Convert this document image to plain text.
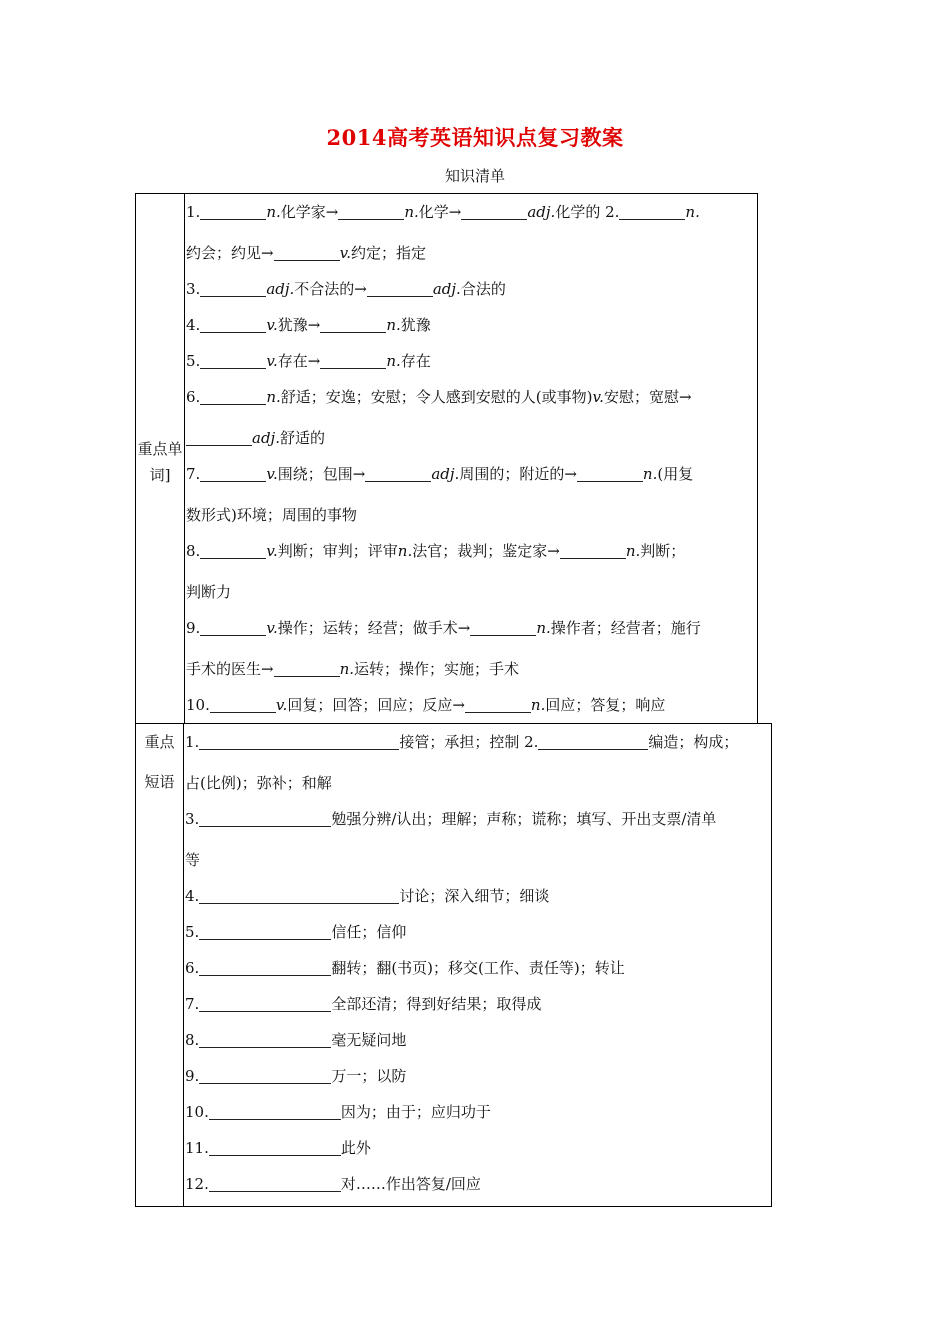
2014高考英语知识点复习教案
知识清单
重点单词]
1.	n.化学家→	n.化学→	adj.化学的 2.	n.
约会；约见→	v.约定；指定
3.	adj.不合法的→	adj.合法的
4.	v.犹豫→	n.犹豫
5.	v.存在→	n.存在
6.	n.舒适；安逸；安慰；令人感到安慰的人(或事物)v.安慰；宽慰→
adj.舒适的
7.	v.围绕；包围→	adj.周围的；附近的→	n.(用复
数形式)环境；周围的事物
8.	v.判断；审判；评审n.法官；裁判；鉴定家→	n.判断；
判断力
9.	v.操作；运转；经营；做手术→	n.操作者；经营者；施行
手术的医生→	n.运转；操作；实施；手术
10.	v.回复；回答；回应；反应→	n.回应；答复；响应
重点
短语
1.	接管；承担；控制 2.	编造；构成；
占(比例)；弥补；和解
3.	勉强分辨/认出；理解；声称；谎称；填写、开出支票/清单
等
4.	讨论；深入细节；细谈
5.	信任；信仰
6.	翻转；翻(书页)；移交(工作、责任等)；转让
7.	全部还清；得到好结果；取得成
8.	毫无疑问地
9.	万一；以防
10.	因为；由于；应归功于
11.	此外
12.	对……作出答复/回应
